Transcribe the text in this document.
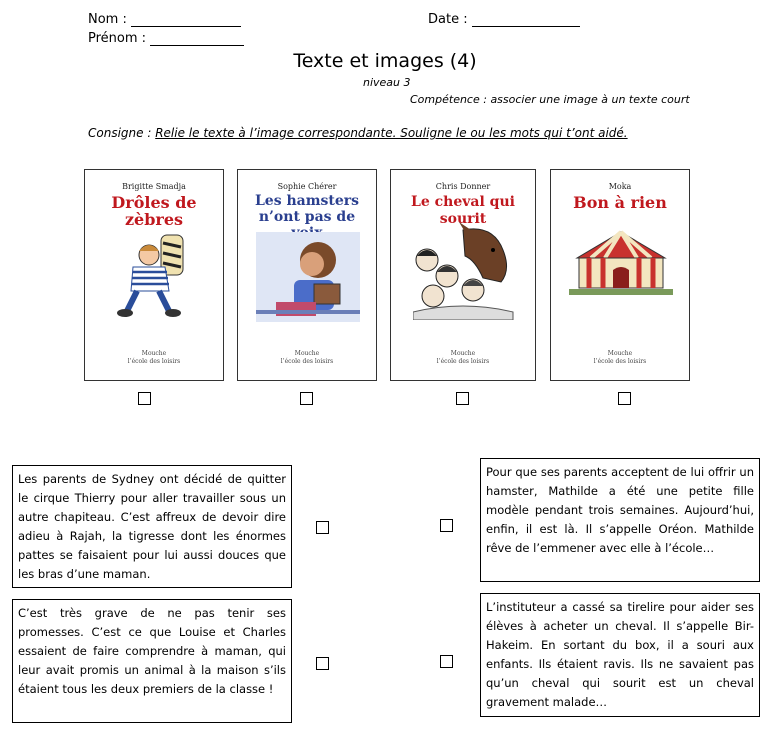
Nom :	Date :
Prénom :
Texte et images (4)
niveau 3
Compétence : associer une image à un texte court
Consigne : Relie le texte à l’image correspondante. Souligne le ou les mots qui t’ont aidé.
Brigitte Smadja
Drôles de zèbres
Mouche
l’école des loisirs
Sophie Chérer
Les hamsters n’ont pas de
Mouche
l’école des loisirs
Chris Donner
Le cheval qui sourit
Mouche
l’école des loisirs
Moka
Bon à rien
Mouche
l’école des loisirs
Les parents de Sydney ont décidé de quitter le cirque Thierry pour aller travailler sous un autre chapiteau. C’est affreux de devoir dire adieu à Rajah, la tigresse dont les énormes pattes se faisaient pour lui aussi douces que les bras d’une maman.
C’est très grave de ne pas tenir ses promesses. C’est ce que Louise et Charles essaient de faire comprendre à maman, qui leur avait promis un animal à la maison s’ils étaient tous les deux premiers de la classe !
Pour que ses parents acceptent de lui offrir un hamster, Mathilde a été une petite fille modèle pendant trois semaines. Aujourd’hui, enfin, il est là. Il s’appelle Oréon. Mathilde rêve de l’emmener avec elle à l’école…
L’instituteur a cassé sa tirelire pour aider ses élèves à acheter un cheval. Il s’appelle Bir-Hakeim. En sortant du box, il a souri aux enfants. Ils étaient ravis. Ils ne savaient pas qu’un cheval qui sourit est un cheval gravement malade…
